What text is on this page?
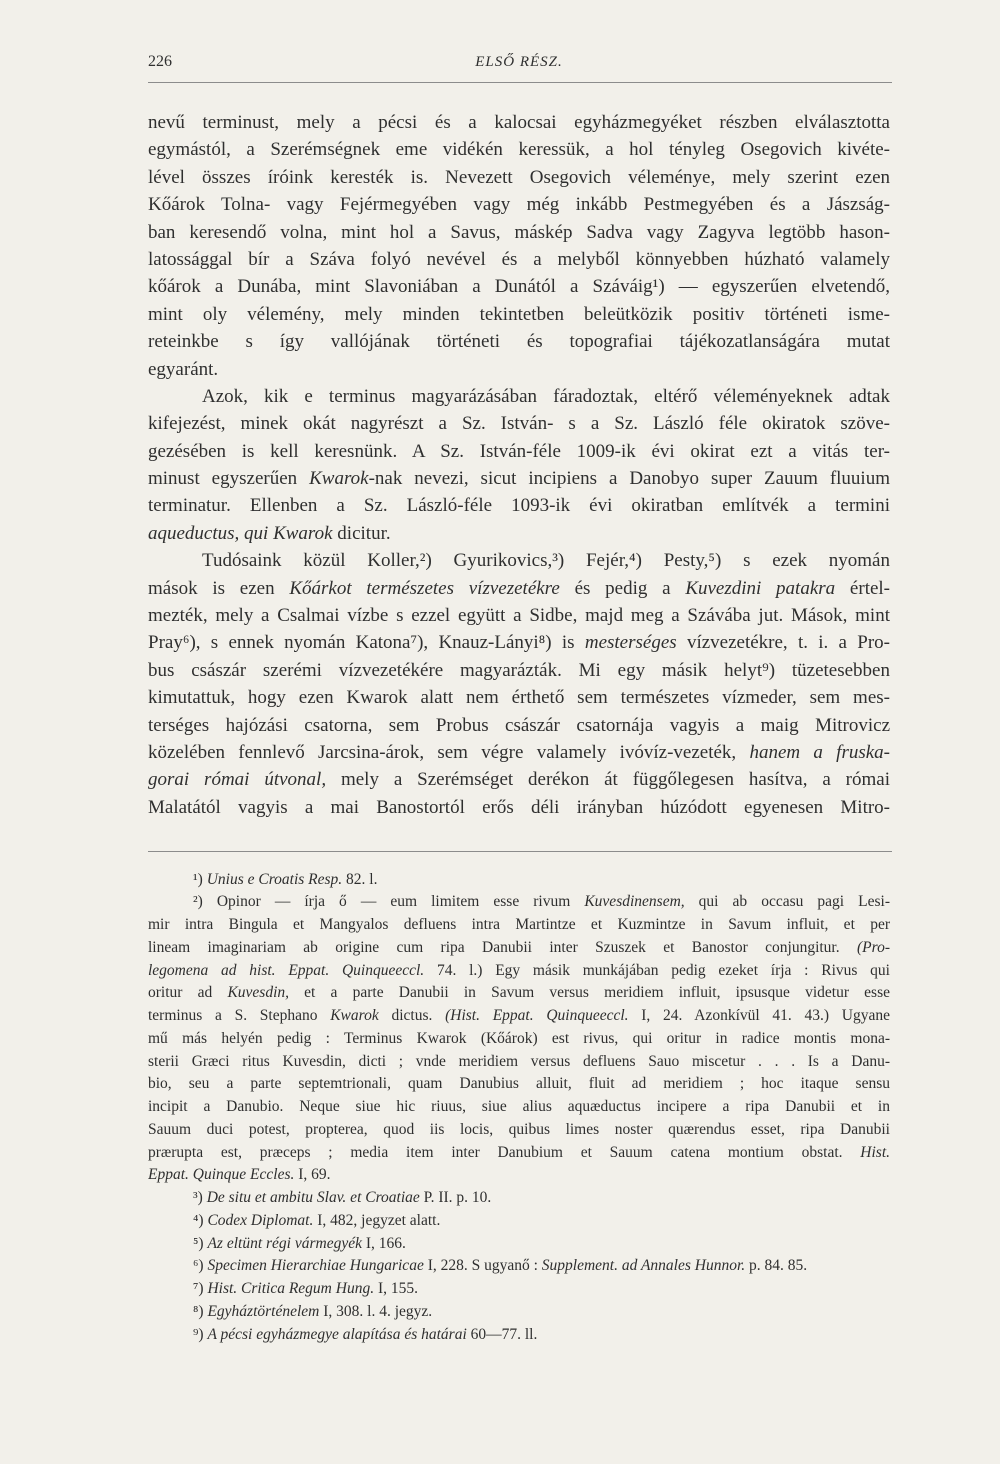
226	ELSŐ RÉSZ.
nevű terminust, mely a pécsi és a kalocsai egyházmegyéket részben elválasztotta
egymástól, a Szerémségnek eme vidékén keressük, a hol tényleg Osegovich kivéte-
lével összes íróink keresték is. Nevezett Osegovich véleménye, mely szerint ezen
Kőárok Tolna- vagy Fejérmegyében vagy még inkább Pestmegyében és a Jászság-
ban keresendő volna, mint hol a Savus, máskép Sadva vagy Zagyva legtöbb hason-
latossággal bír a Száva folyó nevével és a melyből könnyebben húzható valamely
kőárok a Dunába, mint Slavoniában a Dunától a Száváig¹) — egyszerűen elvetendő,
mint oly vélemény, mely minden tekintetben beleütközik positiv történeti isme-
reteinkbe s így vallójának történeti és topografiai tájékozatlanságára mutat
egyaránt.
Azok, kik e terminus magyarázásában fáradoztak, eltérő véleményeknek adtak
kifejezést, minek okát nagyrészt a Sz. István- s a Sz. László féle okiratok szöve-
gezésében is kell keresnünk. A Sz. István-féle 1009-ik évi okirat ezt a vitás ter-
minust egyszerűen Kwarok-nak nevezi, sicut incipiens a Danobyo super Zauum fluuium
terminatur. Ellenben a Sz. László-féle 1093-ik évi okiratban említvék a termini
aqueductus, qui Kwarok dicitur.
Tudósaink közül Koller,²) Gyurikovics,³) Fejér,⁴) Pesty,⁵) s ezek nyomán
mások is ezen Kőárkot természetes vízvezetékre és pedig a Kuvezdini patakra értel-
mezték, mely a Csalmai vízbe s ezzel együtt a Sidbe, majd meg a Szávába jut. Mások, mint
Pray⁶), s ennek nyomán Katona⁷), Knauz-Lányi⁸) is mesterséges vízvezetékre, t. i. a Pro-
bus császár szerémi vízvezetékére magyarázták. Mi egy másik helyt⁹) tüzetesebben
kimutattuk, hogy ezen Kwarok alatt nem érthető sem természetes vízmeder, sem mes-
terséges hajózási csatorna, sem Probus császár csatornája vagyis a maig Mitrovicz
közelében fennlevő Jarcsina-árok, sem végre valamely ivóvíz-vezeték, hanem a fruska-
gorai római útvonal, mely a Szerémséget derékon át függőlegesen hasítva, a római
Malatától vagyis a mai Banostortól erős déli irányban húzódott egyenesen Mitro-
¹) Unius e Croatis Resp. 82. l.
²) Opinor — írja ő — eum limitem esse rivum Kuvesdinensem, qui ab occasu pagi Lesi-
mir intra Bingula et Mangyalos defluens intra Martintze et Kuzmintze in Savum influit, et per
lineam imaginariam ab origine cum ripa Danubii inter Szuszek et Banostor conjungitur. (Pro-
legomena ad hist. Eppat. Quinqueeccl. 74. l.) Egy másik munkájában pedig ezeket írja : Rivus qui
oritur ad Kuvesdin, et a parte Danubii in Savum versus meridiem influit, ipsusque videtur esse
terminus a S. Stephano Kwarok dictus. (Hist. Eppat. Quinqueeccl. I, 24. Azonkívül 41. 43.) Ugyane
mű más helyén pedig : Terminus Kwarok (Kőárok) est rivus, qui oritur in radice montis mona-
sterii Græci ritus Kuvesdin, dicti ; vnde meridiem versus defluens Sauo miscetur . . . Is a Danu-
bio, seu a parte septemtrionali, quam Danubius alluit, fluit ad meridiem ; hoc itaque sensu
incipit a Danubio. Neque siue hic riuus, siue alius aquæductus incipere a ripa Danubii et in
Sauum duci potest, propterea, quod iis locis, quibus limes noster quærendus esset, ripa Danubii
prærupta est, præceps ; media item inter Danubium et Sauum catena montium obstat. Hist.
Eppat. Quinque Eccles. I, 69.
³) De situ et ambitu Slav. et Croatiae P. II. p. 10.
⁴) Codex Diplomat. I, 482, jegyzet alatt.
⁵) Az eltünt régi vármegyék I, 166.
⁶) Specimen Hierarchiae Hungaricae I, 228. S ugyanő : Supplement. ad Annales Hunnor. p. 84. 85.
⁷) Hist. Critica Regum Hung. I, 155.
⁸) Egyháztörténelem I, 308. l. 4. jegyz.
⁹) A pécsi egyházmegye alapítása és határai 60—77. ll.
